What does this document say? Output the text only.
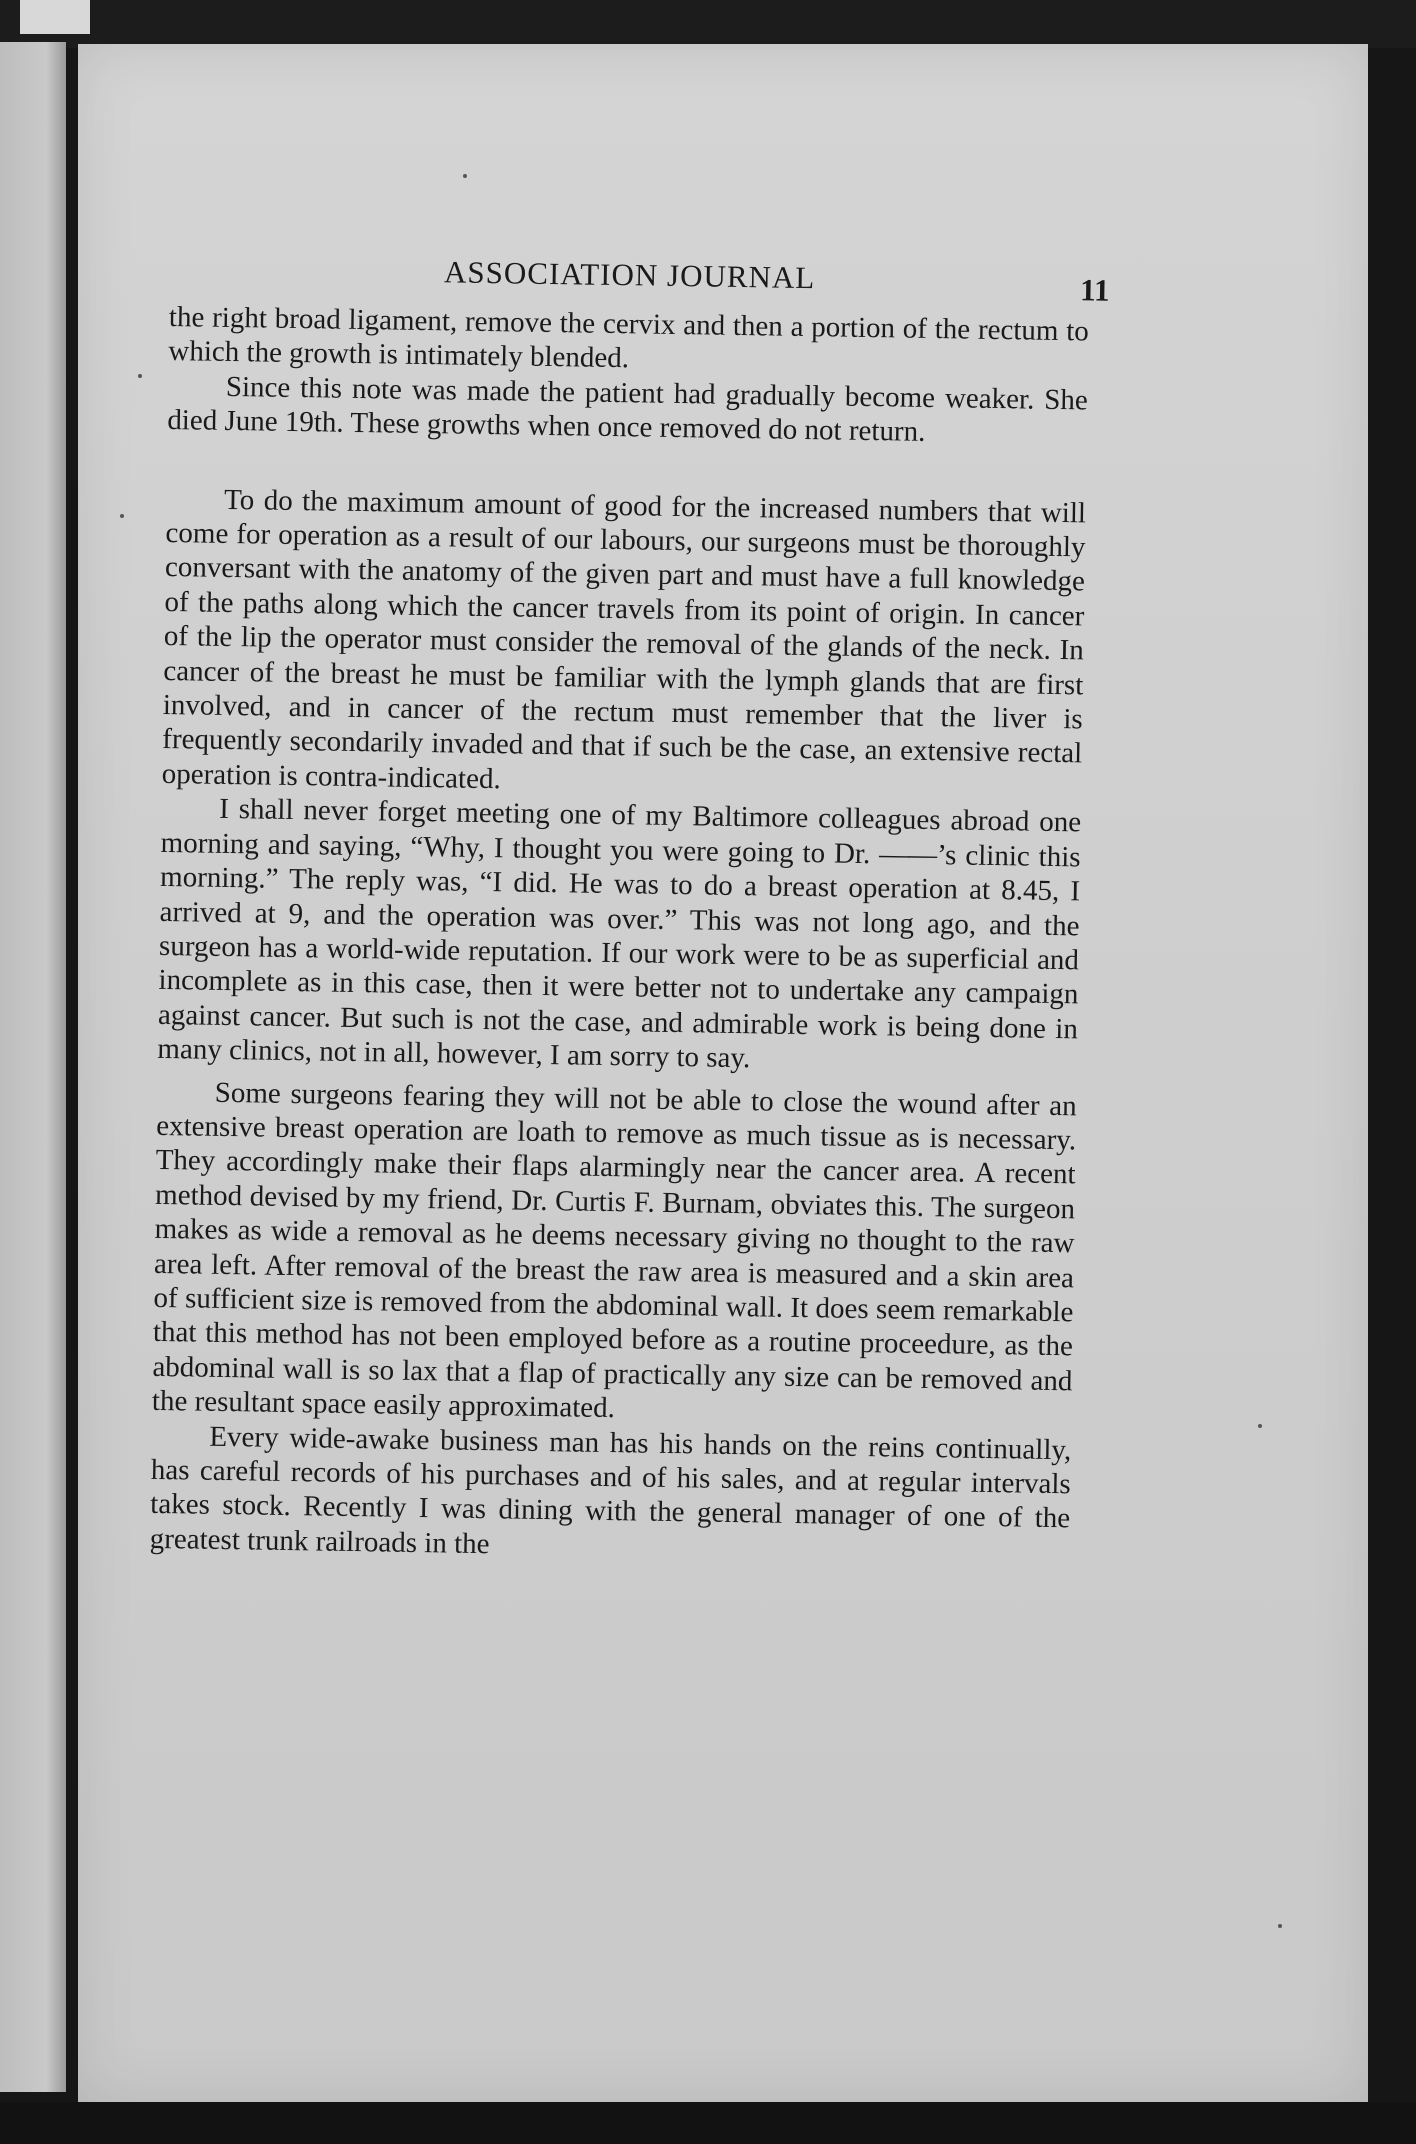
ASSOCIATION JOURNAL	11

the right broad ligament, remove the cervix and then a portion of the rectum to which the growth is intimately blended.

Since this note was made the patient had gradually become weaker. She died June 19th. These growths when once removed do not return.

To do the maximum amount of good for the increased numbers that will come for operation as a result of our labours, our surgeons must be thoroughly conversant with the anatomy of the given part and must have a full knowledge of the paths along which the cancer travels from its point of origin. In cancer of the lip the operator must consider the removal of the glands of the neck. In cancer of the breast he must be familiar with the lymph glands that are first involved, and in cancer of the rectum must remember that the liver is frequently secondarily invaded and that if such be the case, an extensive rectal operation is contra-indicated.

I shall never forget meeting one of my Baltimore colleagues abroad one morning and saying, “Why, I thought you were going to Dr. ——’s clinic this morning.” The reply was, “I did. He was to do a breast operation at 8.45, I arrived at 9, and the operation was over.” This was not long ago, and the surgeon has a world-wide reputation. If our work were to be as superficial and incomplete as in this case, then it were better not to undertake any campaign against cancer. But such is not the case, and admirable work is being done in many clinics, not in all, however, I am sorry to say.

Some surgeons fearing they will not be able to close the wound after an extensive breast operation are loath to remove as much tissue as is necessary. They accordingly make their flaps alarmingly near the cancer area. A recent method devised by my friend, Dr. Curtis F. Burnam, obviates this. The surgeon makes as wide a removal as he deems necessary giving no thought to the raw area left. After removal of the breast the raw area is measured and a skin area of sufficient size is removed from the abdominal wall. It does seem remarkable that this method has not been employed before as a routine proceedure, as the abdominal wall is so lax that a flap of practically any size can be removed and the resultant space easily approximated.

Every wide-awake business man has his hands on the reins continually, has careful records of his purchases and of his sales, and at regular intervals takes stock. Recently I was dining with the general manager of one of the greatest trunk railroads in the
